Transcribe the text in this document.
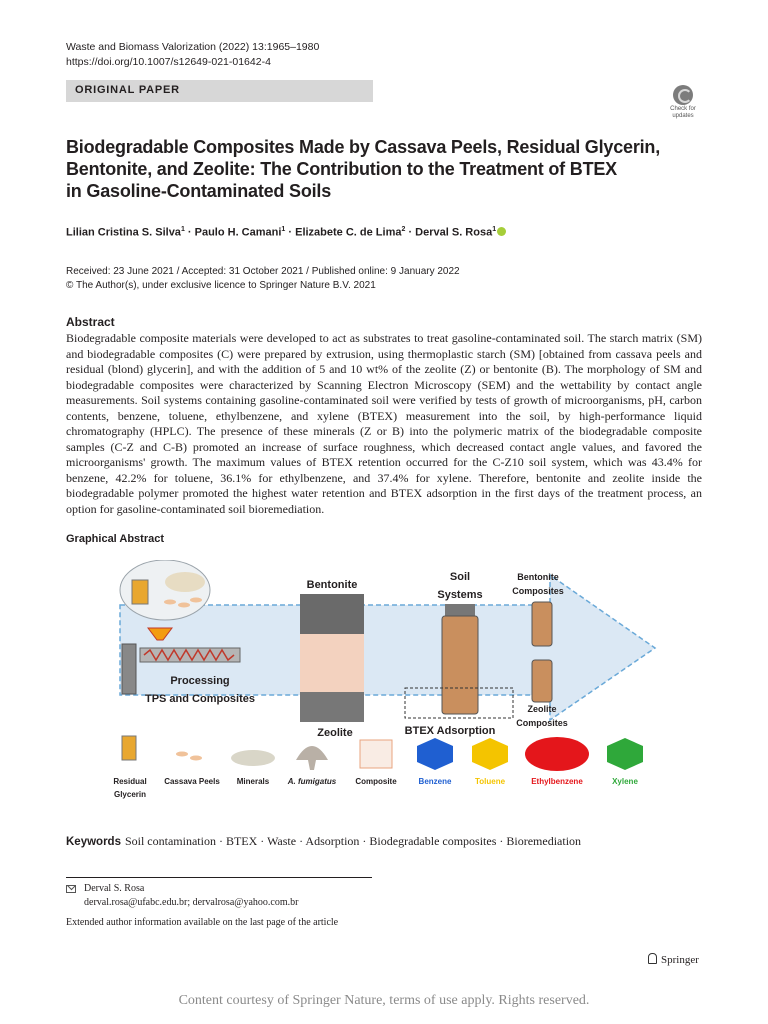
Waste and Biomass Valorization (2022) 13:1965–1980
https://doi.org/10.1007/s12649-021-01642-4
ORIGINAL PAPER
Check for
updates
Biodegradable Composites Made by Cassava Peels, Residual Glycerin,
Bentonite, and Zeolite: The Contribution to the Treatment of BTEX
in Gasoline-Contaminated Soils
Lilian Cristina S. Silva$^1$ · Paulo H. Camani$^1$ · Elizabete C. de Lima$^2$ · Derval S. Rosa$^1$
Received: 23 June 2021 / Accepted: 31 October 2021 / Published online: 9 January 2022
© The Author(s), under exclusive licence to Springer Nature B.V. 2021
Abstract

Biodegradable composite materials were developed to act as substrates to treat gasoline-contaminated soil. The starch matrix (SM) and biodegradable composites (C) were prepared by extrusion, using thermoplastic starch (SM) [obtained from cassava peels and residual (blond) glycerin], and with the addition of 5 and 10 wt% of the zeolite (Z) or bentonite (B). The morphology of SM and biodegradable composites were characterized by Scanning Electron Microscopy (SEM) and the wettability by contact angle measurements. Soil systems containing gasoline-contaminated soil were verified by tests of growth of microorganisms, pH, carbon contents, benzene, toluene, ethylbenzene, and xylene (BTEX) measurement into the soil, by high-performance liquid chromatography (HPLC). The presence of these minerals (Z or B) into the polymeric matrix of the biodegradable composite samples (C-Z and C-B) promoted an increase of surface roughness, which decreased contact angle values, and favored the microorganisms' growth. The maximum values of BTEX retention occurred for the C-Z10 soil system, which was 43.4% for benzene, 42.2% for toluene, 36.1% for ethylbenzene, and 37.4% for xylene. Therefore, bentonite and zeolite inside the biodegradable polymer promoted the highest water retention and BTEX adsorption in the first days of the treatment process, an option for gasoline-contaminated soil bioremediation.

Graphical Abstract
Processing
TPS and Composites
Bentonite
Zeolite
Soil
Systems
BTEX Adsorption
Bentonite
Composites
Zeolite
Composites
Residual
Glycerin
Cassava Peels Minerals A. fumigatus Composite	Benzene	Toluene	Ethylbenzene	Xylene
Keywords Soil contamination · BTEX · Waste · Adsorption · Biodegradable composites · Bioremediation
Derval S. Rosa
derval.rosa@ufabc.edu.br; dervalrosa@yahoo.com.br
Extended author information available on the last page of the article
Springer
Content courtesy of Springer Nature, terms of use apply. Rights reserved.
